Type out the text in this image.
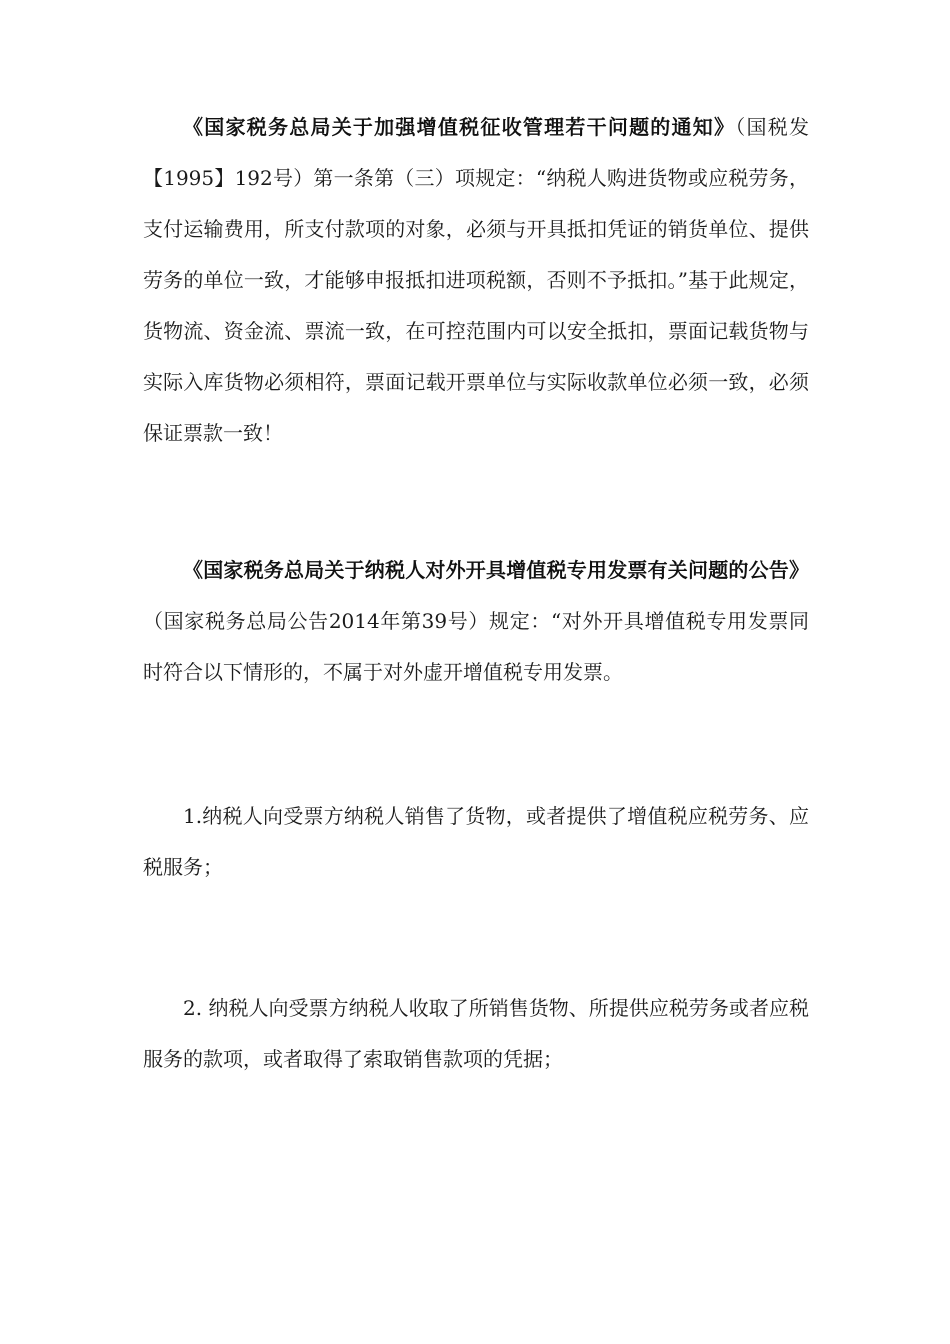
《国家税务总局关于加强增值税征收管理若干问题的通知》（国税发【1995】192号）第一条第（三）项规定：“纳税人购进货物或应税劳务，支付运输费用，所支付款项的对象，必须与开具抵扣凭证的销货单位、提供劳务的单位一致，才能够申报抵扣进项税额，否则不予抵扣。”基于此规定，货物流、资金流、票流一致，在可控范围内可以安全抵扣，票面记载货物与实际入库货物必须相符，票面记载开票单位与实际收款单位必须一致，必须保证票款一致！

《国家税务总局关于纳税人对外开具增值税专用发票有关问题的公告》（国家税务总局公告2014年第39号）规定：“对外开具增值税专用发票同时符合以下情形的，不属于对外虚开增值税专用发票。

1.纳税人向受票方纳税人销售了货物，或者提供了增值税应税劳务、应税服务；

2. 纳税人向受票方纳税人收取了所销售货物、所提供应税劳务或者应税服务的款项，或者取得了索取销售款项的凭据；
